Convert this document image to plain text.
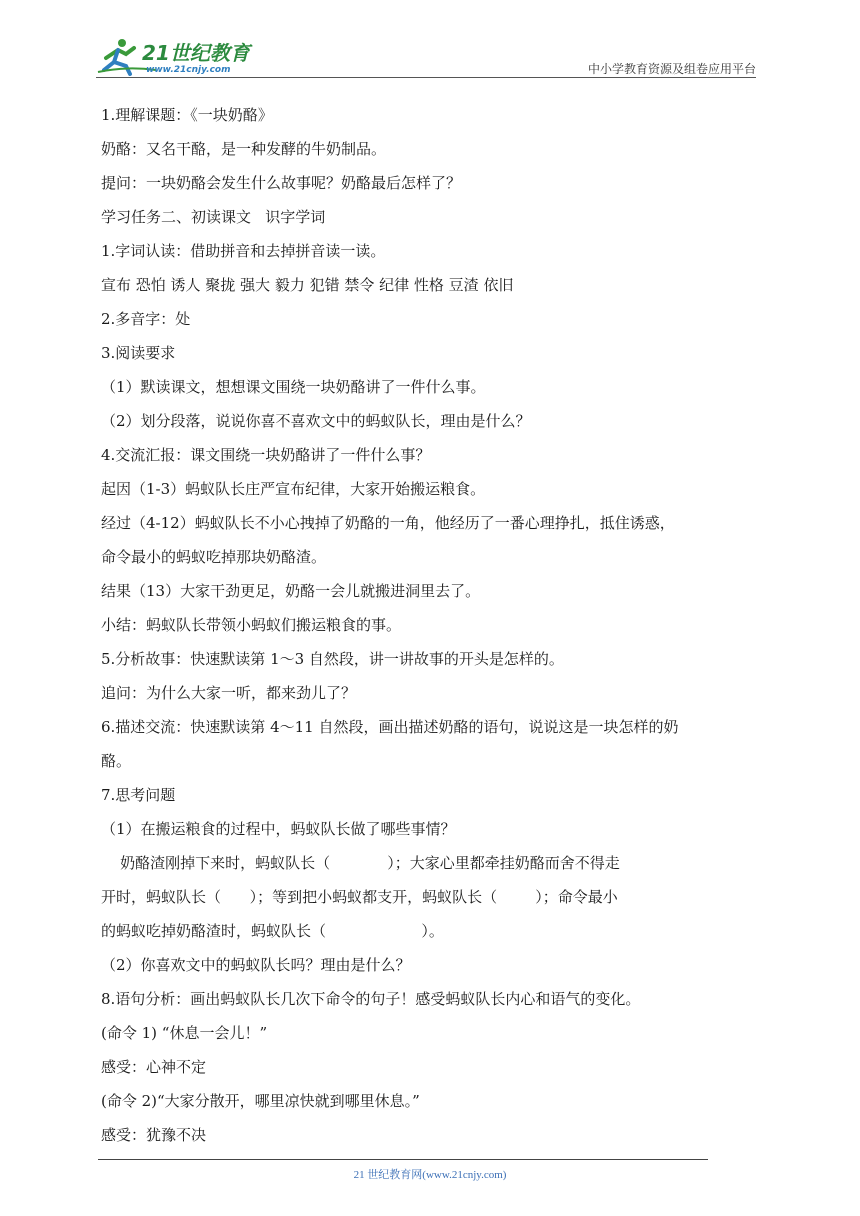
21世纪教育
www.21cnjy.com	中小学教育资源及组卷应用平台
1.理解课题：《一块奶酪》
奶酪：又名干酪，是一种发酵的牛奶制品。
提问：一块奶酪会发生什么故事呢？奶酪最后怎样了？
学习任务二、初读课文   识字学词
1.字词认读：借助拼音和去掉拼音读一读。
宣布 恐怕 诱人 聚拢 强大 毅力 犯错 禁令 纪律 性格 豆渣 依旧
2.多音字：处
3.阅读要求
（1）默读课文，想想课文围绕一块奶酪讲了一件什么事。
（2）划分段落，说说你喜不喜欢文中的蚂蚁队长，理由是什么？
4.交流汇报：课文围绕一块奶酪讲了一件什么事？
起因（1-3）蚂蚁队长庄严宣布纪律，大家开始搬运粮食。
经过（4-12）蚂蚁队长不小心拽掉了奶酪的一角，他经历了一番心理挣扎，抵住诱惑，
命令最小的蚂蚁吃掉那块奶酪渣。
结果（13）大家干劲更足，奶酪一会儿就搬进洞里去了。
小结：蚂蚁队长带领小蚂蚁们搬运粮食的事。
5.分析故事：快速默读第 1～3 自然段，讲一讲故事的开头是怎样的。
追问：为什么大家一听，都来劲儿了？
6.描述交流：快速默读第 4～11 自然段，画出描述奶酪的语句，说说这是一块怎样的奶
酪。
7.思考问题
（1）在搬运粮食的过程中，蚂蚁队长做了哪些事情？
奶酪渣刚掉下来时，蚂蚁队长（            ）；大家心里都牵挂奶酪而舍不得走
开时，蚂蚁队长（      ）；等到把小蚂蚁都支开，蚂蚁队长（        ）；命令最小
的蚂蚁吃掉奶酪渣时，蚂蚁队长（                    ）。
（2）你喜欢文中的蚂蚁队长吗？理由是什么？
8.语句分析：画出蚂蚁队长几次下命令的句子！感受蚂蚁队长内心和语气的变化。
(命令 1) “休息一会儿！”
感受：心神不定
(命令 2)“大家分散开，哪里凉快就到哪里休息。”
感受：犹豫不决
21 世纪教育网(www.21cnjy.com)
